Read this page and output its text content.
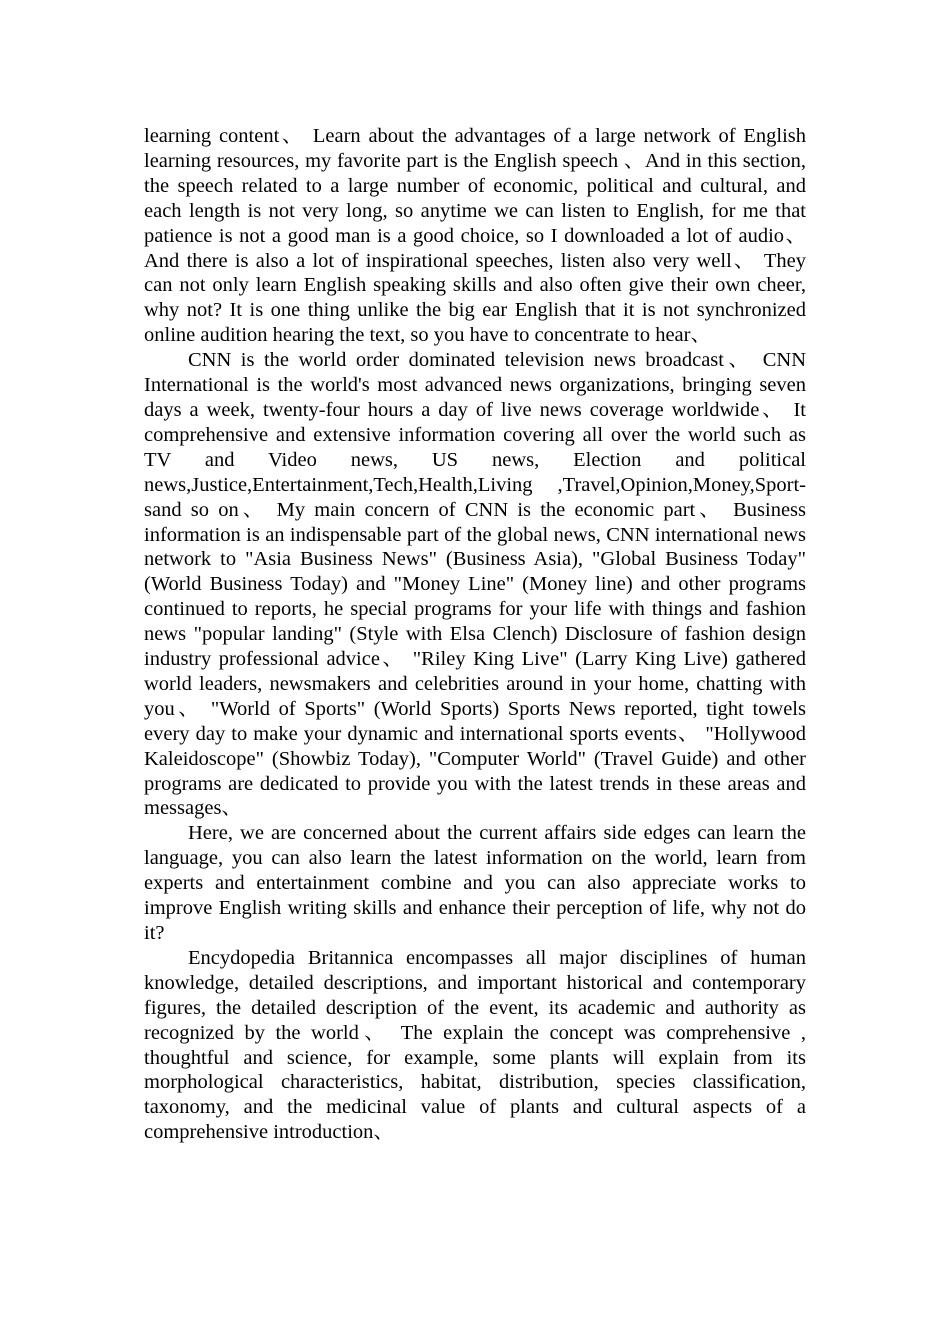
learning content、 Learn about the advantages of a large network of English learning resources, my favorite part is the English speech 、And in this section, the speech related to a large number of economic, political and cultural, and each length is not very long, so anytime we can listen to English, for me that patience is not a good man is a good choice, so I downloaded a lot of audio、 And there is also a lot of inspirational speeches, listen also very well、 They can not only learn English speaking skills and also often give their own cheer, why not? It is one thing unlike the big ear English that it is not synchronized online audition hearing the text, so you have to concentrate to hear、

CNN is the world order dominated television news broadcast、 CNN International is the world's most advanced news organizations, bringing seven days a week, twenty-four hours a day of live news coverage worldwide、 It comprehensive and extensive information covering all over the world such as TV and Video news, US news, Election and political news,Justice,Entertainment,Tech,Health,Living ,Travel,Opinion,Money,Sport-sand so on、 My main concern of CNN is the economic part、 Business information is an indispensable part of the global news, CNN international news network to "Asia Business News" (Business Asia), "Global Business Today" (World Business Today) and "Money Line" (Money line) and other programs continued to reports, he special programs for your life with things and fashion news "popular landing" (Style with Elsa Clench) Disclosure of fashion design industry professional advice、 "Riley King Live" (Larry King Live) gathered world leaders, newsmakers and celebrities around in your home, chatting with you、 "World of Sports" (World Sports) Sports News reported, tight towels every day to make your dynamic and international sports events、 "Hollywood Kaleidoscope" (Showbiz Today), "Computer World" (Travel Guide) and other programs are dedicated to provide you with the latest trends in these areas and messages、

Here, we are concerned about the current affairs side edges can learn the language, you can also learn the latest information on the world, learn from experts and entertainment combine and you can also appreciate works to improve English writing skills and enhance their perception of life, why not do it?

Encydopedia Britannica encompasses all major disciplines of human knowledge, detailed descriptions, and important historical and contemporary figures, the detailed description of the event, its academic and authority as recognized by the world、 The explain the concept was comprehensive , thoughtful and science, for example, some plants will explain from its morphological characteristics, habitat, distribution, species classification, taxonomy, and the medicinal value of plants and cultural aspects of a comprehensive introduction、
